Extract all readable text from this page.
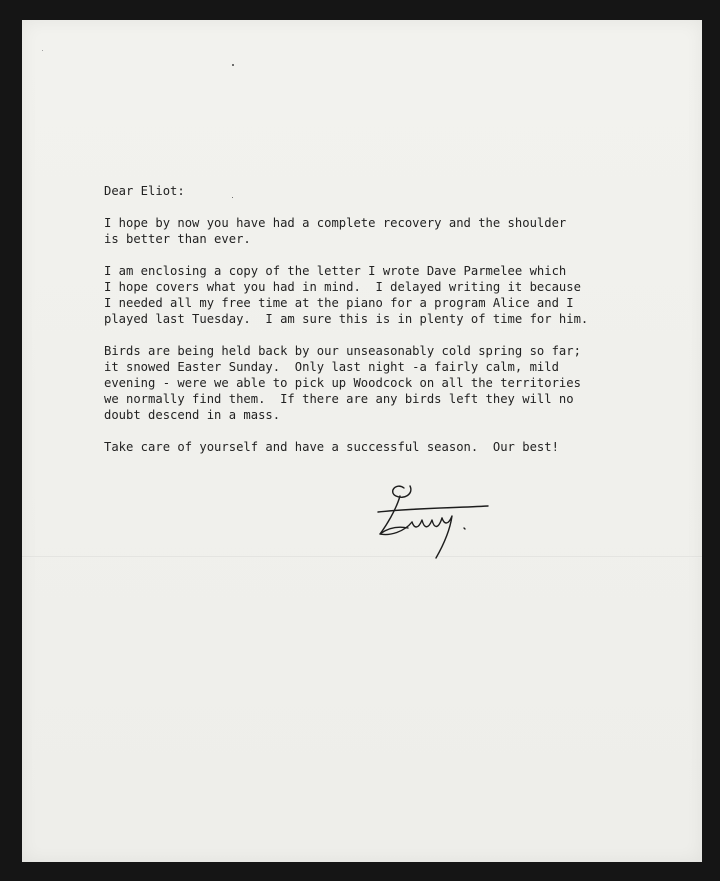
​
Dear Eliot:
I hope by now you have had a complete recovery and the shoulder
is better than ever.
I am enclosing a copy of the letter I wrote Dave Parmelee which
I hope covers what you had in mind.  I delayed writing it because
I needed all my free time at the piano for a program Alice and I
played last Tuesday.  I am sure this is in plenty of time for him.
Birds are being held back by our unseasonably cold spring so far;
it snowed Easter Sunday.  Only last night -a fairly calm, mild
evening - were we able to pick up Woodcock on all the territories
we normally find them.  If there are any birds left they will no
doubt descend in a mass.
Take care of yourself and have a successful season.  Our best!
